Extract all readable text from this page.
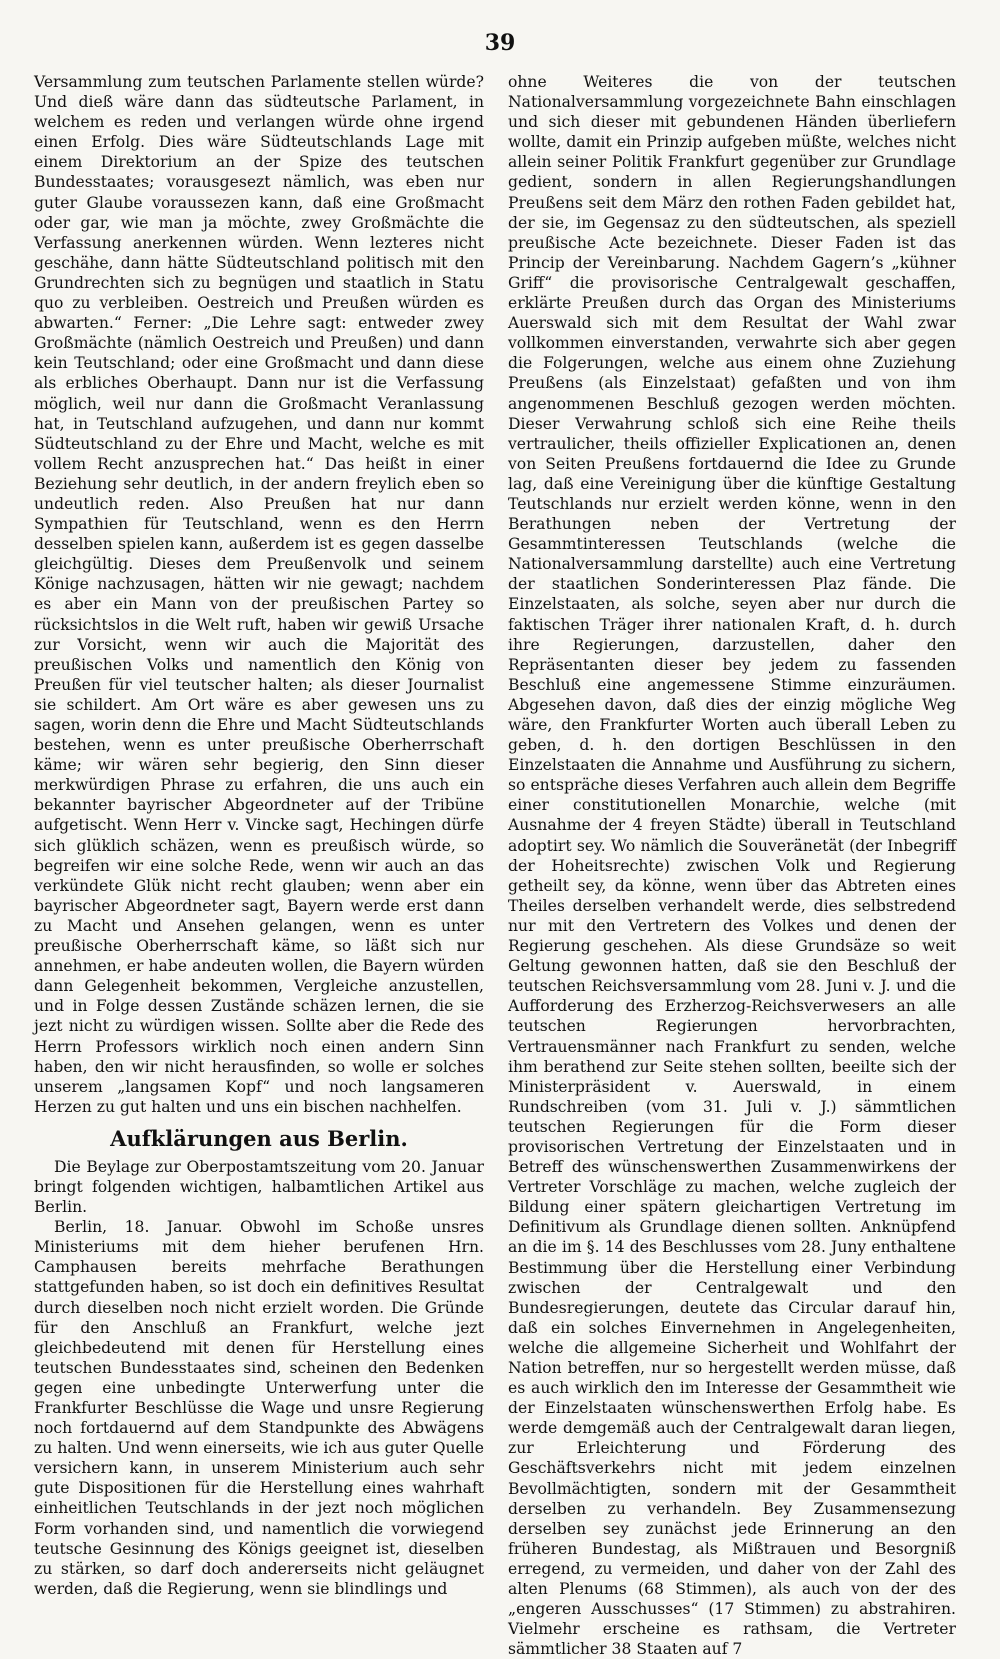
39

Versammlung zum teutschen Parlamente stellen würde? Und dieß wäre dann das südteutsche Parlament, in welchem es reden und verlangen würde ohne irgend einen Erfolg. Dies wäre Südteutschlands Lage mit einem Direktorium an der Spize des teutschen Bundesstaates; vorausgesezt nämlich, was eben nur guter Glaube voraussezen kann, daß eine Großmacht oder gar, wie man ja möchte, zwey Großmächte die Verfassung anerkennen würden. Wenn lezteres nicht geschähe, dann hätte Südteutschland politisch mit den Grundrechten sich zu begnügen und staatlich in Statu quo zu verbleiben. Oestreich und Preußen würden es abwarten.“ Ferner: „Die Lehre sagt: entweder zwey Großmächte (nämlich Oestreich und Preußen) und dann kein Teutschland; oder eine Großmacht und dann diese als erbliches Oberhaupt. Dann nur ist die Verfassung möglich, weil nur dann die Großmacht Veranlassung hat, in Teutschland aufzugehen, und dann nur kommt Südteutschland zu der Ehre und Macht, welche es mit vollem Recht anzusprechen hat.“ Das heißt in einer Beziehung sehr deutlich, in der andern freylich eben so undeutlich reden. Also Preußen hat nur dann Sympathien für Teutschland, wenn es den Herrn desselben spielen kann, außerdem ist es gegen dasselbe gleichgültig. Dieses dem Preußenvolk und seinem Könige nachzusagen, hätten wir nie gewagt; nachdem es aber ein Mann von der preußischen Partey so rücksichtslos in die Welt ruft, haben wir gewiß Ursache zur Vorsicht, wenn wir auch die Majorität des preußischen Volks und namentlich den König von Preußen für viel teutscher halten; als dieser Journalist sie schildert. Am Ort wäre es aber gewesen uns zu sagen, worin denn die Ehre und Macht Südteutschlands bestehen, wenn es unter preußische Oberherrschaft käme; wir wären sehr begierig, den Sinn dieser merkwürdigen Phrase zu erfahren, die uns auch ein bekannter bayrischer Abgeordneter auf der Tribüne aufgetischt. Wenn Herr v. Vincke sagt, Hechingen dürfe sich glüklich schäzen, wenn es preußisch würde, so begreifen wir eine solche Rede, wenn wir auch an das verkündete Glük nicht recht glauben; wenn aber ein bayrischer Abgeordneter sagt, Bayern werde erst dann zu Macht und Ansehen gelangen, wenn es unter preußische Oberherrschaft käme, so läßt sich nur annehmen, er habe andeuten wollen, die Bayern würden dann Gelegenheit bekommen, Vergleiche anzustellen, und in Folge dessen Zustände schäzen lernen, die sie jezt nicht zu würdigen wissen. Sollte aber die Rede des Herrn Professors wirklich noch einen andern Sinn haben, den wir nicht herausfinden, so wolle er solches unserem „langsamen Kopf“ und noch langsameren Herzen zu gut halten und uns ein bischen nachhelfen.

Aufklärungen aus Berlin.

Die Beylage zur Oberpostamtszeitung vom 20. Januar bringt folgenden wichtigen, halbamtlichen Artikel aus Berlin.

Berlin, 18. Januar. Obwohl im Schoße unsres Ministeriums mit dem hieher berufenen Hrn. Camphausen bereits mehrfache Berathungen stattgefunden haben, so ist doch ein definitives Resultat durch dieselben noch nicht erzielt worden. Die Gründe für den Anschluß an Frankfurt, welche jezt gleichbedeutend mit denen für Herstellung eines teutschen Bundesstaates sind, scheinen den Bedenken gegen eine unbedingte Unterwerfung unter die Frankfurter Beschlüsse die Wage und unsre Regierung noch fortdauernd auf dem Standpunkte des Abwägens zu halten. Und wenn einerseits, wie ich aus guter Quelle versichern kann, in unserem Ministerium auch sehr gute Dispositionen für die Herstellung eines wahrhaft einheitlichen Teutschlands in der jezt noch möglichen Form vorhanden sind, und namentlich die vorwiegend teutsche Gesinnung des Königs geeignet ist, dieselben zu stärken, so darf doch andererseits nicht geläugnet werden, daß die Regierung, wenn sie blindlings und

ohne Weiteres die von der teutschen Nationalversammlung vorgezeichnete Bahn einschlagen und sich dieser mit gebundenen Händen überliefern wollte, damit ein Prinzip aufgeben müßte, welches nicht allein seiner Politik Frankfurt gegenüber zur Grundlage gedient, sondern in allen Regierungshandlungen Preußens seit dem März den rothen Faden gebildet hat, der sie, im Gegensaz zu den südteutschen, als speziell preußische Acte bezeichnete. Dieser Faden ist das Princip der Vereinbarung. Nachdem Gagern’s „kühner Griff“ die provisorische Centralgewalt geschaffen, erklärte Preußen durch das Organ des Ministeriums Auerswald sich mit dem Resultat der Wahl zwar vollkommen einverstanden, verwahrte sich aber gegen die Folgerungen, welche aus einem ohne Zuziehung Preußens (als Einzelstaat) gefaßten und von ihm angenommenen Beschluß gezogen werden möchten. Dieser Verwahrung schloß sich eine Reihe theils vertraulicher, theils offizieller Explicationen an, denen von Seiten Preußens fortdauernd die Idee zu Grunde lag, daß eine Vereinigung über die künftige Gestaltung Teutschlands nur erzielt werden könne, wenn in den Berathungen neben der Vertretung der Gesammtinteressen Teutschlands (welche die Nationalversammlung darstellte) auch eine Vertretung der staatlichen Sonderinteressen Plaz fände. Die Einzelstaaten, als solche, seyen aber nur durch die faktischen Träger ihrer nationalen Kraft, d. h. durch ihre Regierungen, darzustellen, daher den Repräsentanten dieser bey jedem zu fassenden Beschluß eine angemessene Stimme einzuräumen. Abgesehen davon, daß dies der einzig mögliche Weg wäre, den Frankfurter Worten auch überall Leben zu geben, d. h. den dortigen Beschlüssen in den Einzelstaaten die Annahme und Ausführung zu sichern, so entspräche dieses Verfahren auch allein dem Begriffe einer constitutionellen Monarchie, welche (mit Ausnahme der 4 freyen Städte) überall in Teutschland adoptirt sey. Wo nämlich die Souveränetät (der Inbegriff der Hoheitsrechte) zwischen Volk und Regierung getheilt sey, da könne, wenn über das Abtreten eines Theiles derselben verhandelt werde, dies selbstredend nur mit den Vertretern des Volkes und denen der Regierung geschehen. Als diese Grundsäze so weit Geltung gewonnen hatten, daß sie den Beschluß der teutschen Reichsversammlung vom 28. Juni v. J. und die Aufforderung des Erzherzog-Reichsverwesers an alle teutschen Regierungen hervorbrachten, Vertrauensmänner nach Frankfurt zu senden, welche ihm berathend zur Seite stehen sollten, beeilte sich der Ministerpräsident v. Auerswald, in einem Rundschreiben (vom 31. Juli v. J.) sämmtlichen teutschen Regierungen für die Form dieser provisorischen Vertretung der Einzelstaaten und in Betreff des wünschenswerthen Zusammenwirkens der Vertreter Vorschläge zu machen, welche zugleich der Bildung einer spätern gleichartigen Vertretung im Definitivum als Grundlage dienen sollten. Anknüpfend an die im §. 14 des Beschlusses vom 28. Juny enthaltene Bestimmung über die Herstellung einer Verbindung zwischen der Centralgewalt und den Bundesregierungen, deutete das Circular darauf hin, daß ein solches Einvernehmen in Angelegenheiten, welche die allgemeine Sicherheit und Wohlfahrt der Nation betreffen, nur so hergestellt werden müsse, daß es auch wirklich den im Interesse der Gesammtheit wie der Einzelstaaten wünschenswerthen Erfolg habe. Es werde demgemäß auch der Centralgewalt daran liegen, zur Erleichterung und Förderung des Geschäftsverkehrs nicht mit jedem einzelnen Bevollmächtigten, sondern mit der Gesammtheit derselben zu verhandeln. Bey Zusammensezung derselben sey zunächst jede Erinnerung an den früheren Bundestag, als Mißtrauen und Besorgniß erregend, zu vermeiden, und daher von der Zahl des alten Plenums (68 Stimmen), als auch von der des „engeren Ausschusses“ (17 Stimmen) zu abstrahiren. Vielmehr erscheine es rathsam, die Vertreter sämmtlicher 38 Staaten auf 7
